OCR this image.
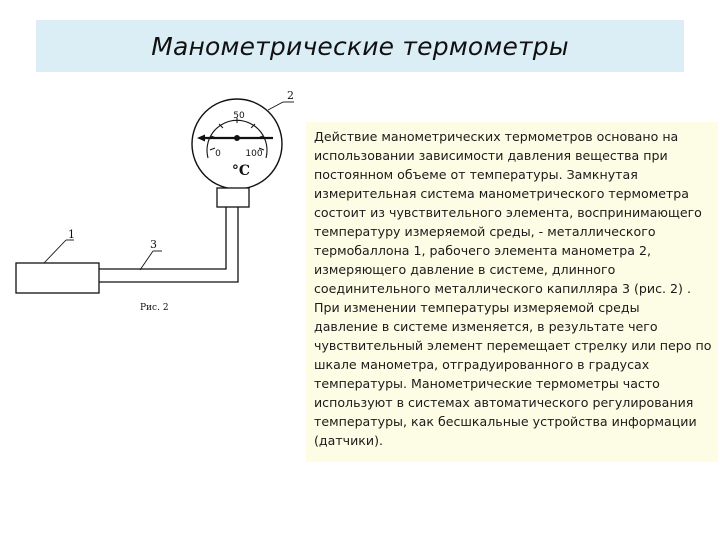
Манометрические термометры
50
0	100
°C
1
3
2
Рис. 2
Действие манометрических термометров основано на
использовании зависимости давления вещества при
постоянном объеме от температуры. Замкнутая
измерительная система манометрического термометра
состоит из чувствительного элемента, воспринимающего
температуру измеряемой среды, - металлического
термобаллона 1, рабочего элемента манометра 2,
измеряющего давление в системе, длинного
соединительного металлического капилляра 3 (рис. 2) .
При изменении температуры измеряемой среды
давление в системе изменяется, в результате чего
чувствительный элемент перемещает стрелку или перо по
шкале манометра, отградуированного в градусах
температуры. Манометрические термометры часто
используют в системах автоматического регулирования
температуры, как бесшкальные устройства информации
(датчики).
